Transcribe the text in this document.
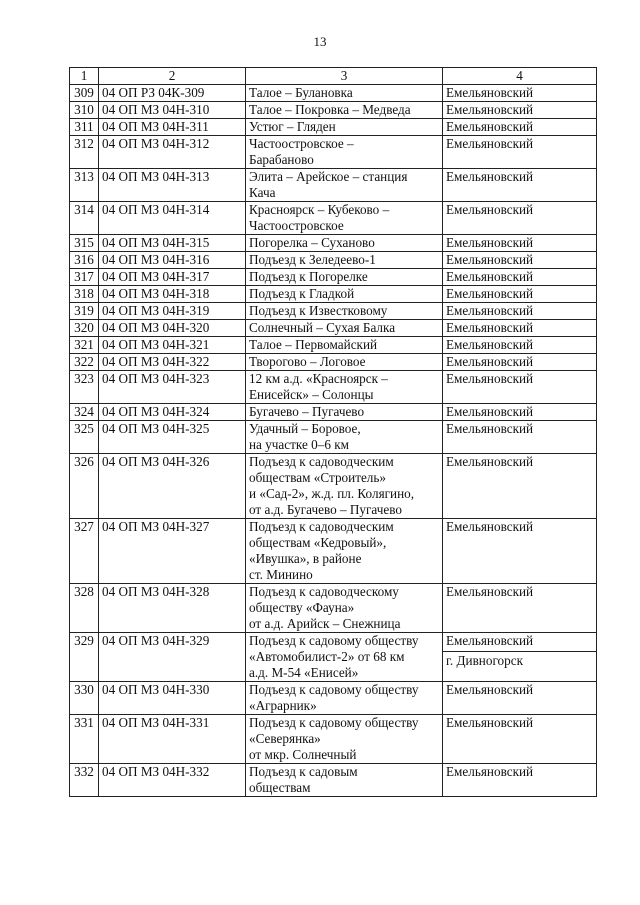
13
1	2	3	4
309	04 ОП РЗ 04К-309	Талое – Булановка	Емельяновский

310	04 ОП МЗ 04Н-310	Талое – Покровка – Медведа	Емельяновский

311	04 ОП МЗ 04Н-311	Устюг – Гляден	Емельяновский

312	04 ОП МЗ 04Н-312	Частоостровское –
Барабаново	Емельяновский

313	04 ОП МЗ 04Н-313	Элита – Арейское – станция
Кача	Емельяновский

314	04 ОП МЗ 04Н-314	Красноярск – Кубеково –
Частоостровское	Емельяновский

315	04 ОП МЗ 04Н-315	Погорелка – Суханово	Емельяновский

316	04 ОП МЗ 04Н-316	Подъезд к Зеледеево-1	Емельяновский

317	04 ОП МЗ 04Н-317	Подъезд к Погорелке	Емельяновский

318	04 ОП МЗ 04Н-318	Подъезд к Гладкой	Емельяновский

319	04 ОП МЗ 04Н-319	Подъезд к Известковому	Емельяновский

320	04 ОП МЗ 04Н-320	Солнечный – Сухая Балка	Емельяновский

321	04 ОП МЗ 04Н-321	Талое – Первомайский	Емельяновский

322	04 ОП МЗ 04Н-322	Творогово – Логовое	Емельяновский

323	04 ОП МЗ 04Н-323	12 км а.д. «Красноярск –
Енисейск» – Солонцы	Емельяновский

324	04 ОП МЗ 04Н-324	Бугачево – Пугачево	Емельяновский

325	04 ОП МЗ 04Н-325	Удачный – Боровое,
на участке 0–6 км	Емельяновский

326	04 ОП МЗ 04Н-326	Подъезд к садоводческим
обществам «Строитель»
и «Сад-2», ж.д. пл. Колягино,
от а.д. Бугачево – Пугачево	Емельяновский

327	04 ОП МЗ 04Н-327	Подъезд к садоводческим
обществам «Кедровый»,
«Ивушка», в районе
ст. Минино	Емельяновский

328	04 ОП МЗ 04Н-328	Подъезд к садоводческому
обществу «Фауна»
от а.д. Арийск – Снежница	Емельяновский

329	04 ОП МЗ 04Н-329	Подъезд к садовому обществу
«Автомобилист-2» от 68 км
а.д. М-54 «Енисей»	Емельяновский
г. Дивногорск

330	04 ОП МЗ 04Н-330	Подъезд к садовому обществу
«Аграрник»	Емельяновский

331	04 ОП МЗ 04Н-331	Подъезд к садовому обществу
«Северянка»
от мкр. Солнечный	Емельяновский

332	04 ОП МЗ 04Н-332	Подъезд к садовым
обществам	Емельяновский
